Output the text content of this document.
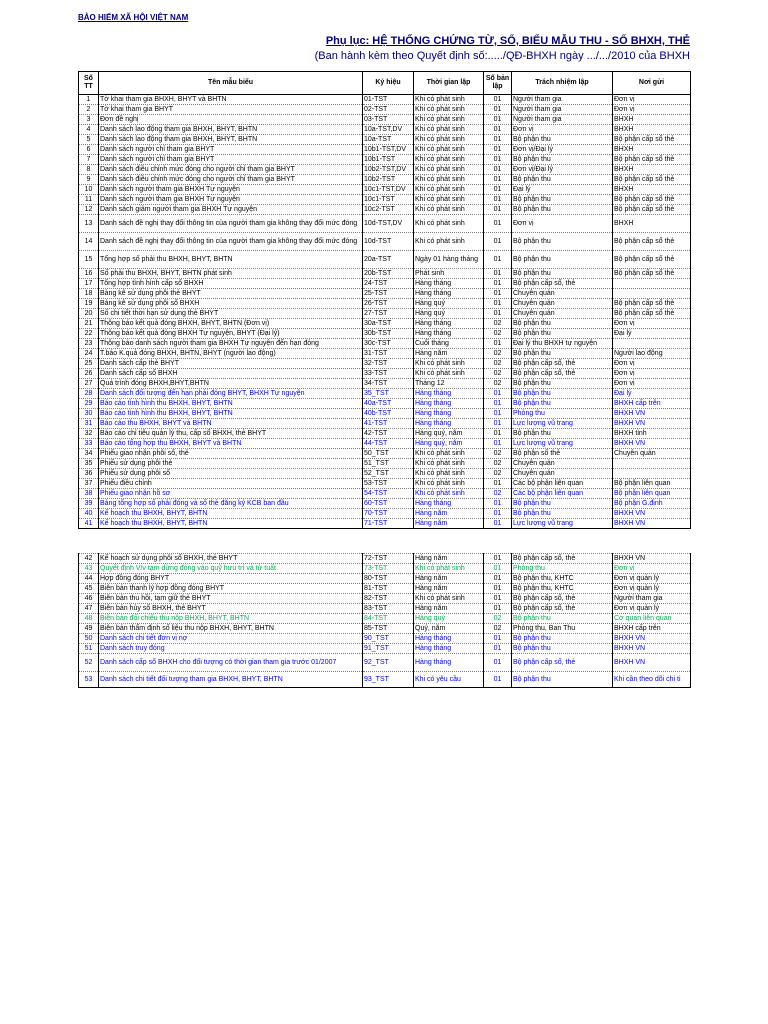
BẢO HIỂM XÃ HỘI VIỆT NAM
Phụ lục: HỆ THỐNG CHỨNG TỪ, SỔ, BIỂU MẪU THU - SỔ BHXH, THẺ
(Ban hành kèm theo Quyết định số:...../QĐ-BHXH ngày .../.../2010 của BHXH
Số TT	Tên mẫu biểu	Ký hiệu	Thời gian lập	Số bản lập	Trách nhiệm lập	Nơi gửi
1	Tờ khai tham gia BHXH, BHYT và BHTN	01-TST	Khi có phát sinh	01	Người tham gia	Đơn vị
2	Tờ khai tham gia BHYT	02-TST	Khi có phát sinh	01	Người tham gia	Đơn vị
3	Đơn đề nghị	03-TST	Khi có phát sinh	01	Người tham gia	BHXH
4	Danh sách lao động tham gia BHXH, BHYT, BHTN	10a-TST,DV	Khi có phát sinh	01	Đơn vị	BHXH
5	Danh sách lao động tham gia BHXH, BHYT, BHTN	10a-TST	Khi có phát sinh	01	Bộ phận thu	Bộ phận cấp sổ thẻ
6	Danh sách người chỉ tham gia BHYT	10b1-TST,DV	Khi có phát sinh	01	Đơn vị/Đại lý	BHXH
7	Danh sách người chỉ tham gia BHYT	10b1-TST	Khi có phát sinh	01	Bộ phận thu	Bộ phận cấp sổ thẻ
8	Danh sách điều chỉnh mức đóng cho người chỉ tham gia BHYT	10b2-TST,DV	Khi có phát sinh	01	Đơn vị/Đại lý	BHXH
9	Danh sách điều chỉnh mức đóng cho người chỉ tham gia BHYT	10b2-TST	Khi có phát sinh	01	Bộ phận thu	Bộ phận cấp sổ thẻ
10	Danh sách người tham gia BHXH Tự nguyện	10c1-TST,DV	Khi có phát sinh	01	Đại lý	BHXH
11	Danh sách người tham gia BHXH Tự nguyện	10c1-TST	Khi có phát sinh	01	Bộ phận thu	Bộ phận cấp sổ thẻ
12	Danh sách giảm người tham gia BHXH Tự nguyện	10c2-TST	Khi có phát sinh	01	Bộ phận thu	Bộ phận cấp sổ thẻ
13	Danh sách đề nghị thay đổi thông tin của người tham gia không thay đổi mức đóng	10d-TST,DV	Khi có phát sinh	01	Đơn vị	BHXH
14	Danh sách đề nghị thay đổi thông tin của người tham gia không thay đổi mức đóng	10d-TST	Khi có phát sinh	01	Bộ phận thu	Bộ phận cấp sổ thẻ
15	Tổng hợp số phải thu BHXH, BHYT, BHTN	20a-TST	Ngày 01 hàng tháng	01	Bộ phận thu	Bộ phận cấp sổ thẻ
16	Số phải thu BHXH, BHYT, BHTN phát sinh	20b-TST	Phát sinh	01	Bộ phận thu	Bộ phận cấp sổ thẻ
17	Tổng hợp tình hình cấp sổ BHXH	24-TST	Hàng tháng	01	Bộ phận cấp sổ, thẻ	
18	Bảng kê sử dụng phôi thẻ BHYT	25-TST	Hàng tháng	01	Chuyên quản	
19	Bảng kê sử dụng phôi sổ BHXH	26-TST	Hàng quý	01	Chuyên quản	Bộ phận cấp sổ thẻ
20	Số chi tiết thời hạn sử dụng thẻ BHYT	27-TST	Hàng quý	01	Chuyên quản	Bộ phận cấp sổ thẻ
21	Thông báo kết quả đóng BHXH, BHYT, BHTN (Đơn vị)	30a-TST	Hàng tháng	02	Bộ phận thu	Đơn vị
22	Thông báo kết quả đóng BHXH Tự nguyện, BHYT (Đại lý)	30b-TST	Hàng tháng	02	Bộ phận thu	Đại lý
23	Thông báo danh sách người tham gia BHXH Tự nguyện đến hạn đóng	30c-TST	Cuối tháng	01	Đại lý thu BHXH tự nguyện	
24	T.báo K.quả đóng BHXH, BHTN, BHYT (người lao động)	31-TST	Hàng năm	02	Bộ phận thu	Người lao động
25	Danh sách cấp thẻ BHYT	32-TST	Khi có phát sinh	02	Bộ phận cấp sổ, thẻ	Đơn vị
26	Danh sách cấp sổ BHXH	33-TST	Khi có phát sinh	02	Bộ phận cấp sổ, thẻ	Đơn vị
27	Quá trình đóng BHXH,BHYT,BHTN	34-TST	Tháng 12	02	Bộ phận thu	Đơn vị
28	Danh sách đối tượng đến hạn phải đóng BHYT, BHXH Tự nguyện	35_TST	Hàng tháng	01	Bộ phận thu	Đại lý
29	Báo cáo tình hình thu BHXH, BHYT, BHTN	40a-TST	Hàng tháng	01	Bộ phận thu	BHXH cấp trên
30	Báo cáo tình hình thu BHXH, BHYT, BHTN	40b-TST	Hàng tháng	01	Phòng thu	BHXH VN
31	Báo cáo thu BHXH, BHYT và BHTN	41-TST	Hàng tháng	01	Lực lượng vũ trang	BHXH VN
32	Báo cáo chỉ tiêu quản lý thu, cấp sổ BHXH, thẻ BHYT	42-TST	Hàng quý, năm	01	Bộ phận thu	BHXH tỉnh
33	Báo cáo tổng hợp thu BHXH, BHYT và BHTN	44-TST	Hàng quý, năm	01	Lực lượng vũ trang	BHXH VN
34	Phiếu giao nhận phôi sổ, thẻ	50_TST	Khi có phát sinh	02	Bộ phận sổ thẻ	Chuyên quản
35	Phiếu sử dụng phôi thẻ	51_TST	Khi có phát sinh	02	Chuyên quản	
36	Phiếu sử dụng phôi sổ	52_TST	Khi có phát sinh	02	Chuyên quản	
37	Phiếu điều chỉnh	53-TST	Khi có phát sinh	01	Các bộ phận liên quan	Bộ phận liên quan
38	Phiếu giao nhận hồ sơ	54-TST	Khi có phát sinh	02	Các bộ phận liên quan	Bộ phận liên quan
39	Bảng tổng hợp số phải đóng và số thẻ đăng ký KCB ban đầu	60-TST	Hàng tháng	01	Bộ phận thu	Bộ phận G.định
40	Kế hoạch thu BHXH, BHYT, BHTN	70-TST	Hàng năm	01	Bộ phận thu	BHXH VN
41	Kế hoạch thu BHXH, BHYT, BHTN	71-TST	Hàng năm	01	Lực lượng vũ trang	BHXH VN
42	Kế hoạch sử dụng phôi sổ BHXH, thẻ BHYT	72-TST	Hàng năm	01	Bộ phận cấp sổ, thẻ	BHXH VN
43	Quyết định V/v tạm dừng đóng vào quỹ hưu trí và tử tuất	73-TST	Khi có phát sinh	01	Phòng thu	Đơn vị
44	Hợp đồng đóng BHYT	80-TST	Hàng năm	01	Bộ phận thu, KHTC	Đơn vị quản lý
45	Biên bản thanh lý hợp đồng đóng BHYT	81-TST	Hàng năm	01	Bộ phận thu, KHTC	Đơn vị quản lý
46	Biên bản thu hồi, tạm giữ thẻ BHYT	82-TST	Khi có phát sinh	01	Bộ phận cấp sổ, thẻ	Người tham gia
47	Biên bản hủy sổ BHXH, thẻ BHYT	83-TST	Hàng năm	01	Bộ phận cấp sổ, thẻ	Đơn vị quản lý
48	Biên bản đối chiếu thu nộp BHXH, BHYT, BHTN	84-TST	Hàng quý	02	Bộ phận thu	Cơ quan liên quan
49	Biên bản thẩm định số liệu thu nộp BHXH, BHYT, BHTN	85-TST	Quý, năm	02	Phòng thu, Ban Thu	BHXH cấp trên
50	Danh sách chi tiết đơn vị nợ	90_TST	Hàng tháng	01	Bộ phận thu	BHXH VN
51	Danh sách truy đóng	91_TST	Hàng tháng	01	Bộ phận thu	BHXH VN
52	Danh sách cấp sổ BHXH cho đối tượng có thời gian tham gia trước 01/2007	92_TST	Hàng tháng	01	Bộ phận cấp sổ, thẻ	BHXH VN
53	Danh sách chi tiết đối tượng tham gia BHXH, BHYT, BHTN	93_TST	Khi có yêu cầu	01	Bộ phận thu	Khi cần theo dõi chi ti
